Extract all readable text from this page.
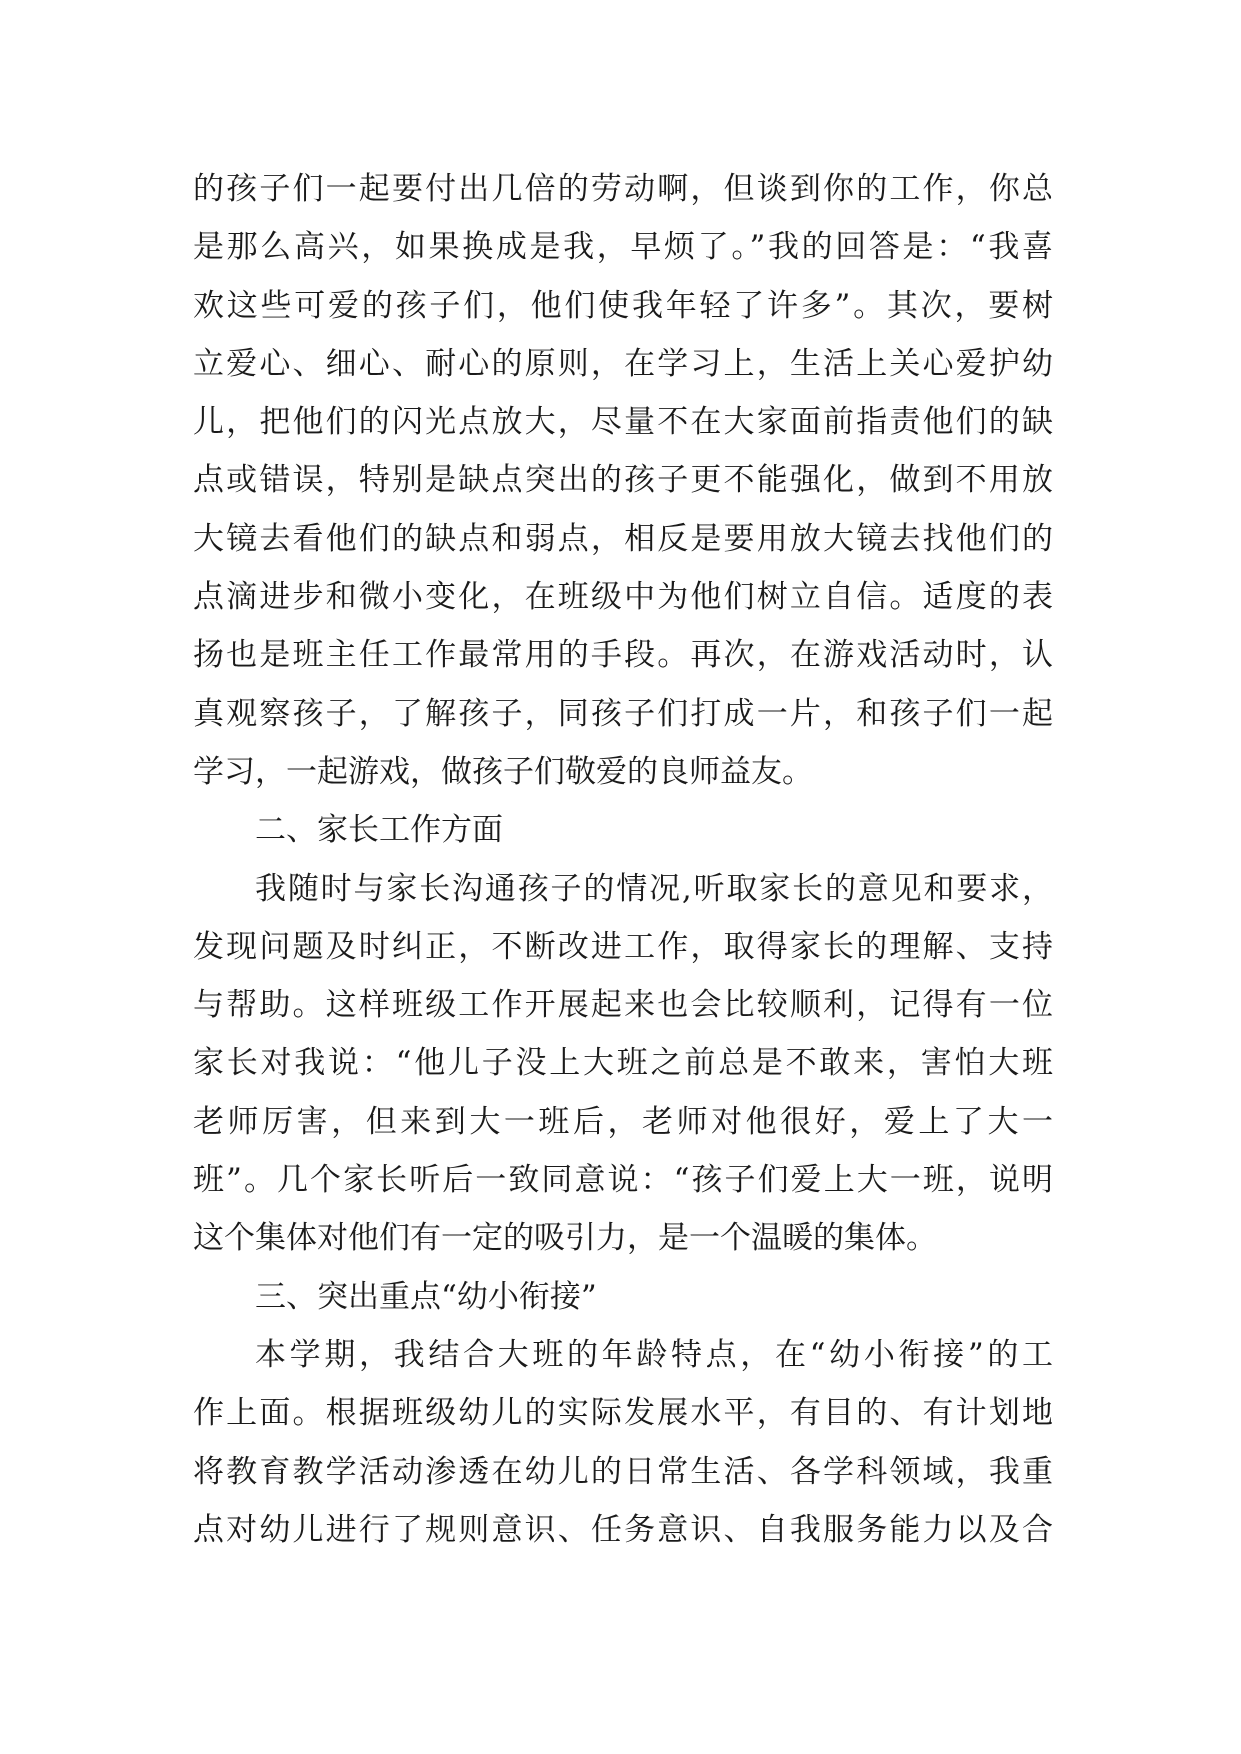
的孩子们一起要付出几倍的劳动啊，但谈到你的工作，你总
是那么高兴，如果换成是我，早烦了。”我的回答是：“我喜
欢这些可爱的孩子们，他们使我年轻了许多”。其次，要树
立爱心、细心、耐心的原则，在学习上，生活上关心爱护幼
儿，把他们的闪光点放大，尽量不在大家面前指责他们的缺
点或错误，特别是缺点突出的孩子更不能强化，做到不用放
大镜去看他们的缺点和弱点，相反是要用放大镜去找他们的
点滴进步和微小变化，在班级中为他们树立自信。适度的表
扬也是班主任工作最常用的手段。再次，在游戏活动时，认
真观察孩子，了解孩子，同孩子们打成一片，和孩子们一起
学习，一起游戏，做孩子们敬爱的良师益友。
二、家长工作方面
我随时与家长沟通孩子的情况,听取家长的意见和要求，
发现问题及时纠正，不断改进工作，取得家长的理解、支持
与帮助。这样班级工作开展起来也会比较顺利，记得有一位
家长对我说：“他儿子没上大班之前总是不敢来，害怕大班
老师厉害，但来到大一班后，老师对他很好，爱上了大一
班”。几个家长听后一致同意说：“孩子们爱上大一班，说明
这个集体对他们有一定的吸引力，是一个温暖的集体。
三、突出重点“幼小衔接”
本学期，我结合大班的年龄特点，在“幼小衔接”的工
作上面。根据班级幼儿的实际发展水平，有目的、有计划地
将教育教学活动渗透在幼儿的日常生活、各学科领域，我重
点对幼儿进行了规则意识、任务意识、自我服务能力以及合
